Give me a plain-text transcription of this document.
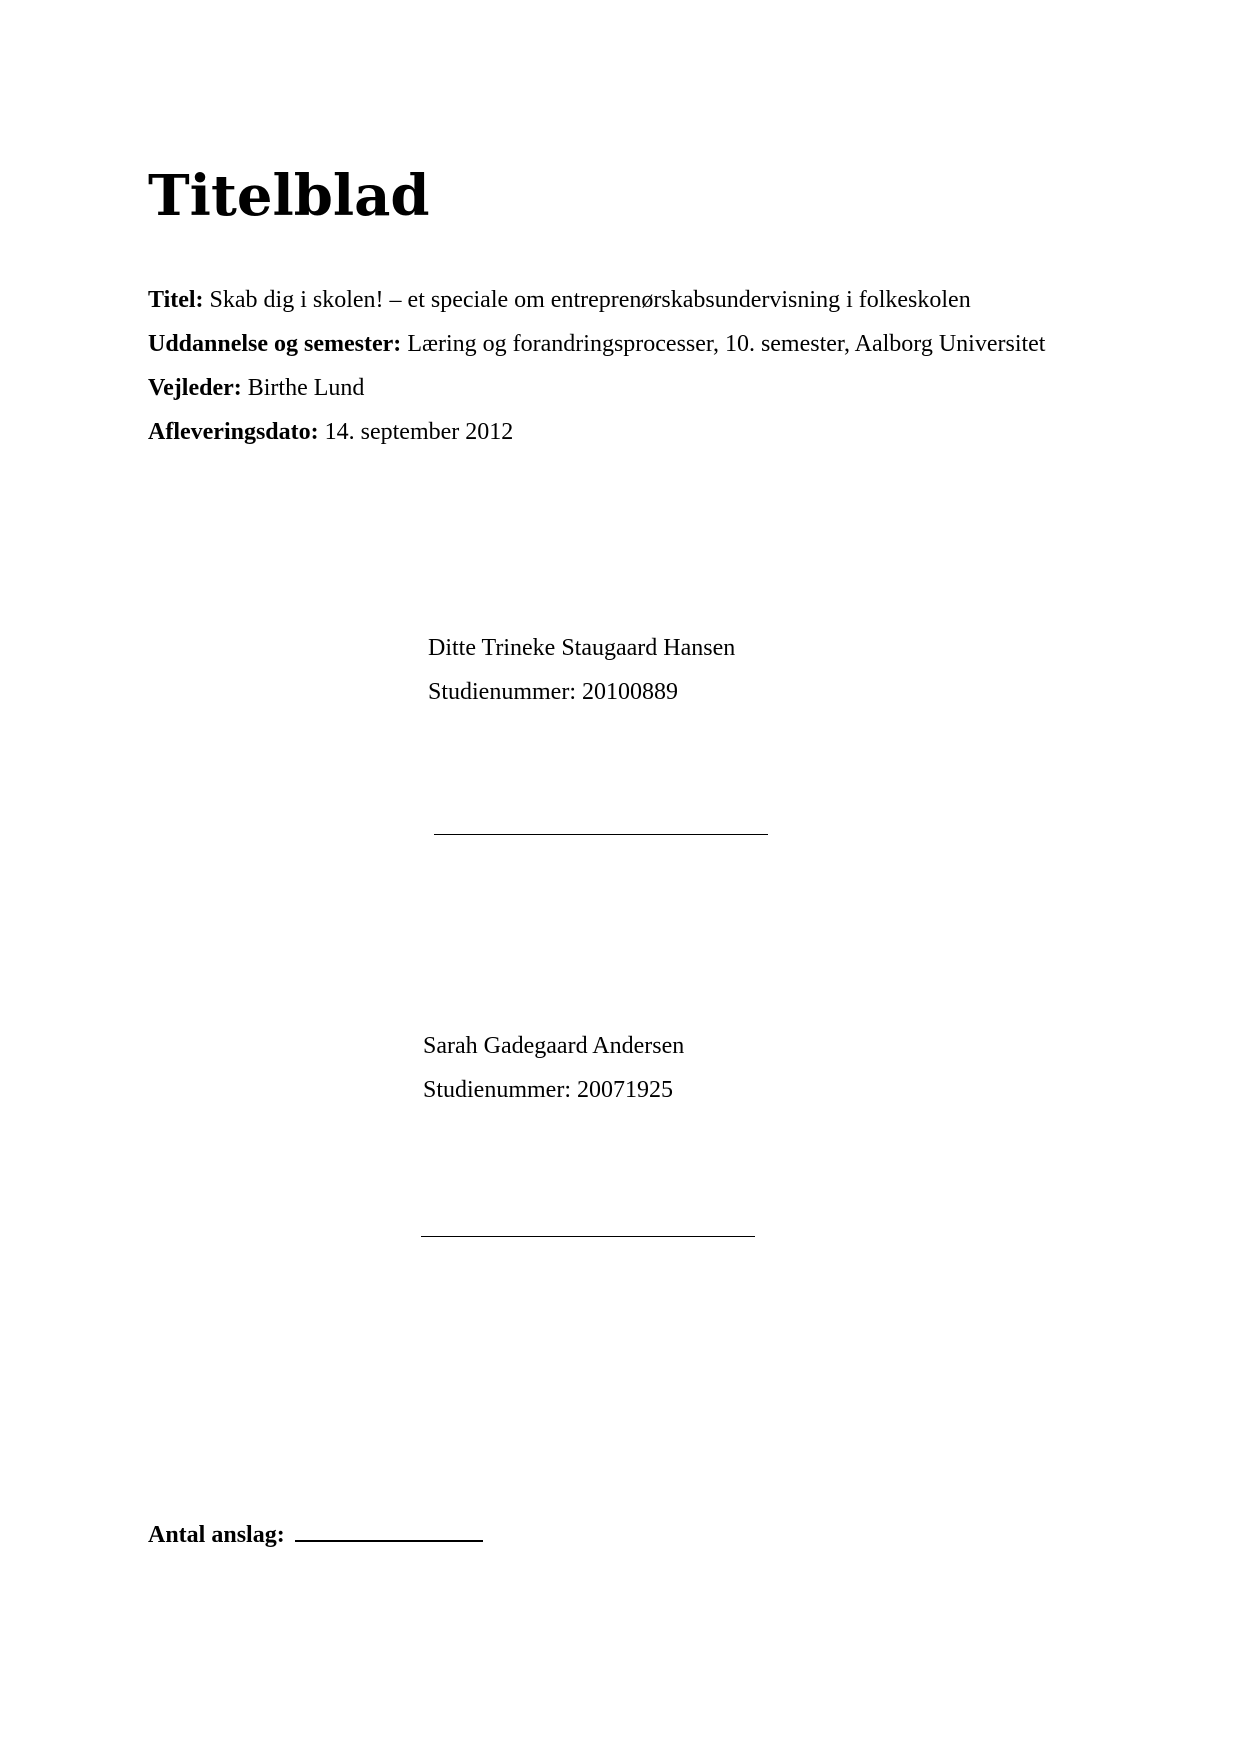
Titelblad
Titel: Skab dig i skolen! – et speciale om entreprenørskabsundervisning i folkeskolen
Uddannelse og semester: Læring og forandringsprocesser, 10. semester, Aalborg Universitet
Vejleder: Birthe Lund
Afleveringsdato: 14. september 2012
Ditte Trineke Staugaard Hansen
Studienummer: 20100889
Sarah Gadegaard Andersen
Studienummer: 20071925
Antal anslag:
